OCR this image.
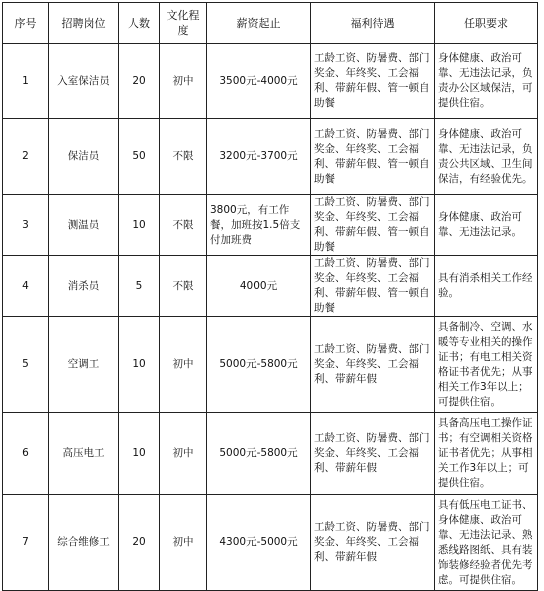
序号	招聘岗位	人数	文化程度	薪资起止	福利待遇	任职要求
1	入室保洁员	20	初中	3500元-4000元	工龄工资、防暑费、部门奖金、年终奖、工会福利、带薪年假、管一顿自助餐	身体健康、政治可靠、无违法记录，负责办公区域保洁，可提供住宿。
2	保洁员	50	不限	3200元-3700元	工龄工资、防暑费、部门奖金、年终奖、工会福利、带薪年假、管一顿自助餐	身体健康、政治可靠、无违法记录，负责公共区域、卫生间保洁，有经验优先。
3	测温员	10	不限	3800元，有工作餐，加班按1.5倍支付加班费	工龄工资、防暑费、部门奖金、年终奖、工会福利、带薪年假、管一顿自助餐	身体健康、政治可靠、无违法记录。
4	消杀员	5	不限	4000元	工龄工资、防暑费、部门奖金、年终奖、工会福利、带薪年假、管一顿自助餐	具有消杀相关工作经验。
5	空调工	10	初中	5000元-5800元	工龄工资、防暑费、部门奖金、年终奖、工会福利、带薪年假	具备制冷、空调、水暖等专业相关的操作证书；有电工相关资格证书者优先；从事相关工作3年以上；可提供住宿。
6	高压电工	10	初中	5000元-5800元	工龄工资、防暑费、部门奖金、年终奖、工会福利、带薪年假	具备高压电工操作证书；有空调相关资格证书者优先；从事相关工作3年以上；可提供住宿。
7	综合维修工	20	初中	4300元-5000元	工龄工资、防暑费、部门奖金、年终奖、工会福利、带薪年假	具有低压电工证书、身体健康、政治可靠、无违法记录、熟悉线路图纸、具有装饰装修经验者优先考虑。可提供住宿。
